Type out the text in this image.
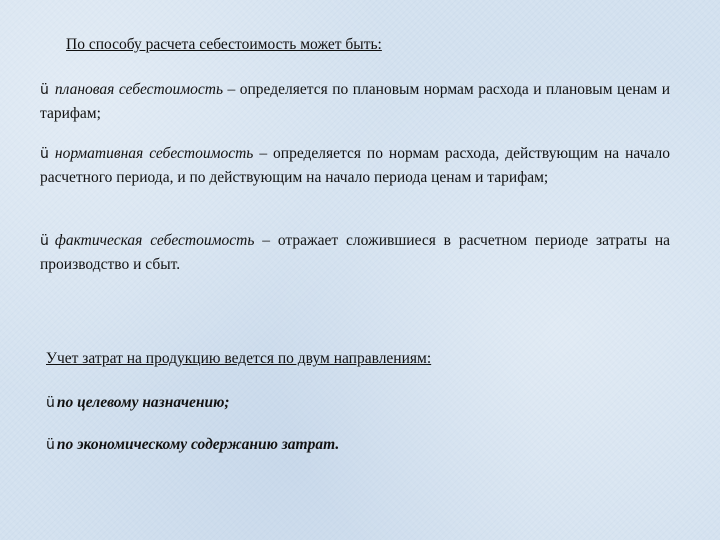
По способу расчета себестоимость может быть:
ü плановая себестоимость – определяется по плановым нормам расхода и плановым ценам и тарифам;
ü нормативная себестоимость – определяется по нормам расхода, действующим на начало расчетного периода, и по действующим на начало периода ценам и тарифам;
ü фактическая себестоимость – отражает сложившиеся в расчетном периоде затраты на производство и сбыт.
Учет затрат на продукцию ведется по двум направлениям:
ü по целевому назначению;
ü по экономическому содержанию затрат.
